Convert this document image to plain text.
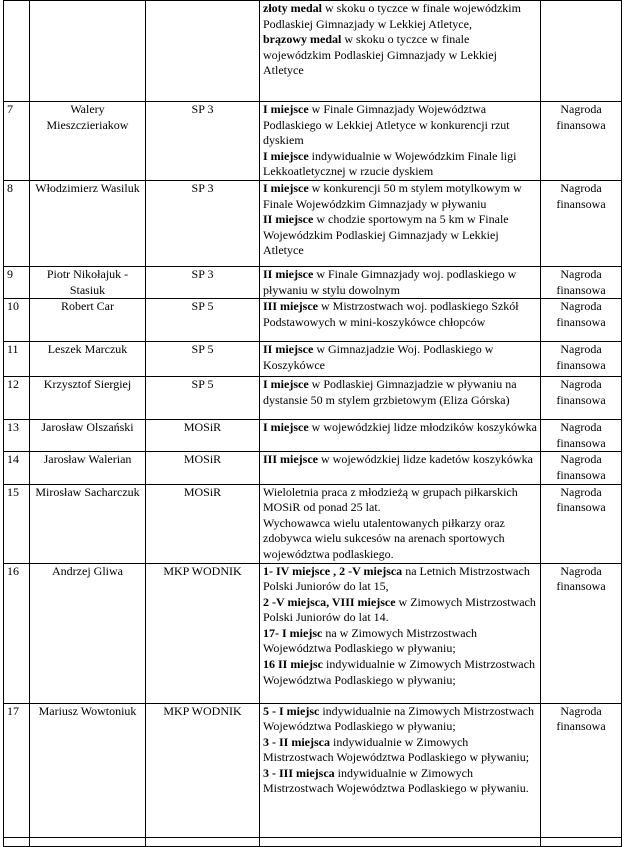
			złoty medal w skoku o tyczce w finale wojewódzkim Podlaskiej Gimnazjady w Lekkiej Atletyce,
brązowy medal w skoku o tyczce w finale wojewódzkim Podlaskiej Gimnazjady w Lekkiej Atletyce	

7	Walery Mieszczieriakow	SP 3	I miejsce w Finale Gimnazjady Województwa Podlaskiego w Lekkiej Atletyce w konkurencji rzut dyskiem
I miejsce indywidualnie w Wojewódzkim Finale ligi Lekkoatletycznej w rzucie dyskiem	Nagroda finansowa
8	Włodzimierz Wasiluk	SP 3	I miejsce w konkurencji 50 m stylem motylkowym w Finale Wojewódzkim Gimnazjady w pływaniu
II miejsce w chodzie sportowym na 5 km w Finale Wojewódzkim Podlaskiej Gimnazjady w Lekkiej Atletyce	Nagroda finansowa
9	Piotr Nikołajuk - Stasiuk	SP 3	II miejsce w Finale Gimnazjady woj. podlaskiego w pływaniu w stylu dowolnym	Nagroda finansowa
10	Robert Car	SP 5	III miejsce w Mistrzostwach woj. podlaskiego Szkół Podstawowych w mini-koszykówce chłopców	Nagroda finansowa
11	Leszek Marczuk	SP 5	II miejsce w Gimnazjadzie Woj. Podlaskiego w Koszykówce	Nagroda finansowa
12	Krzysztof Siergiej	SP 5	I miejsce w Podlaskiej Gimnazjadzie w pływaniu na dystansie 50 m stylem grzbietowym (Eliza Górska)	Nagroda finansowa
13	Jarosław Olszański	MOSiR	I miejsce w wojewódzkiej lidze młodzików koszykówka	Nagroda finansowa
14	Jarosław Walerian	MOSiR	III miejsce w wojewódzkiej lidze kadetów koszykówka	Nagroda finansowa
15	Mirosław Sacharczuk	MOSiR	Wieloletnia praca z młodzieżą w grupach piłkarskich MOSiR od ponad 25 lat.
Wychowawca wielu utalentowanych piłkarzy oraz zdobywca wielu sukcesów na arenach sportowych województwa podlaskiego.	Nagroda finansowa
16	Andrzej Gliwa	MKP WODNIK	1- IV miejsce , 2 -V miejsca na Letnich Mistrzostwach Polski Juniorów do lat 15,
2 -V miejsca, VIII miejsce w Zimowych Mistrzostwach Polski Juniorów do lat 14.
17- I miejsc na w Zimowych Mistrzostwach Województwa Podlaskiego w pływaniu;
16 II miejsc indywidualnie w Zimowych Mistrzostwach Województwa Podlaskiego w pływaniu;	Nagroda finansowa
17	Mariusz Wowtoniuk	MKP WODNIK	5 - I miejsc indywidualnie na Zimowych Mistrzostwach Województwa Podlaskiego w pływaniu;
3 - II miejsca indywidualnie w Zimowych Mistrzostwach Województwa Podlaskiego w pływaniu;
3 - III miejsca indywidualnie w Zimowych Mistrzostwach Województwa Podlaskiego w pływaniu.	Nagroda finansowa
